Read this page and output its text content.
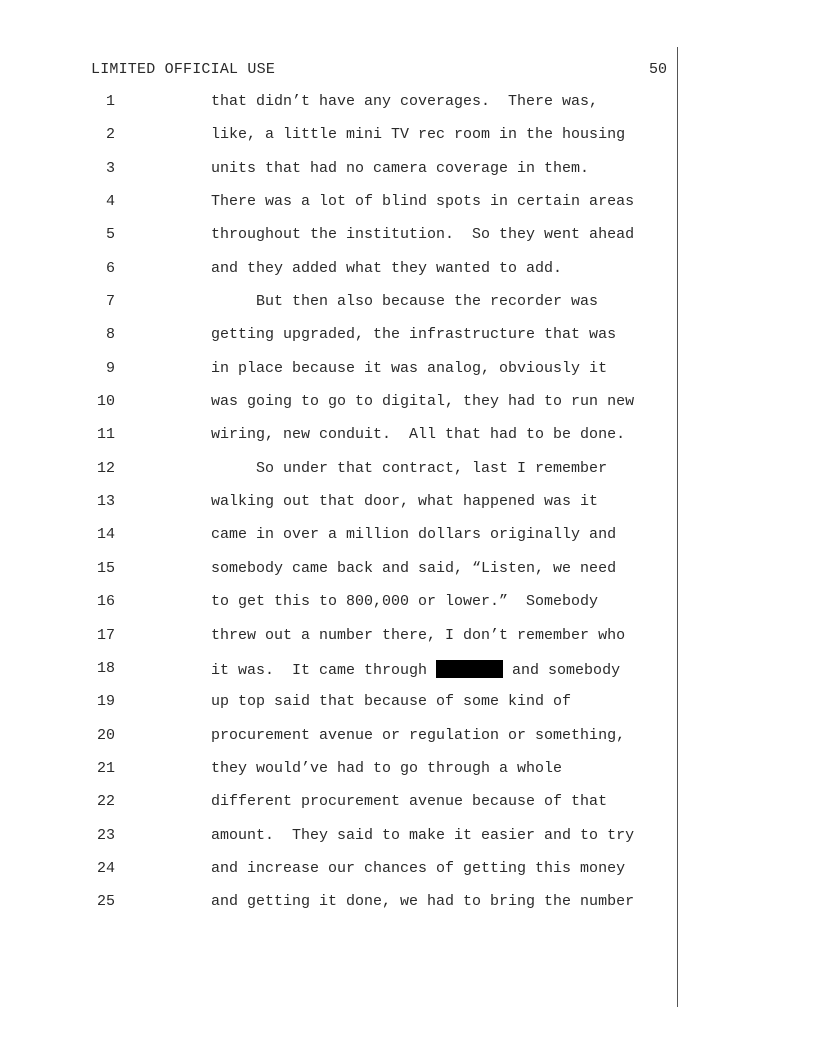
LIMITED OFFICIAL USE	50
1	that didn’t have any coverages.  There was,
2	like, a little mini TV rec room in the housing
3	units that had no camera coverage in them.
4	There was a lot of blind spots in certain areas
5	throughout the institution.  So they went ahead
6	and they added what they wanted to add.
7	But then also because the recorder was
8	getting upgraded, the infrastructure that was
9	in place because it was analog, obviously it
10	was going to go to digital, they had to run new
11	wiring, new conduit.  All that had to be done.
12	So under that contract, last I remember
13	walking out that door, what happened was it
14	came in over a million dollars originally and
15	somebody came back and said, “Listen, we need
16	to get this to 800,000 or lower.”  Somebody
17	threw out a number there, I don’t remember who
18	it was.  It came through	and somebody
19	up top said that because of some kind of
20	procurement avenue or regulation or something,
21	they would’ve had to go through a whole
22	different procurement avenue because of that
23	amount.  They said to make it easier and to try
24	and increase our chances of getting this money
25	and getting it done, we had to bring the number
